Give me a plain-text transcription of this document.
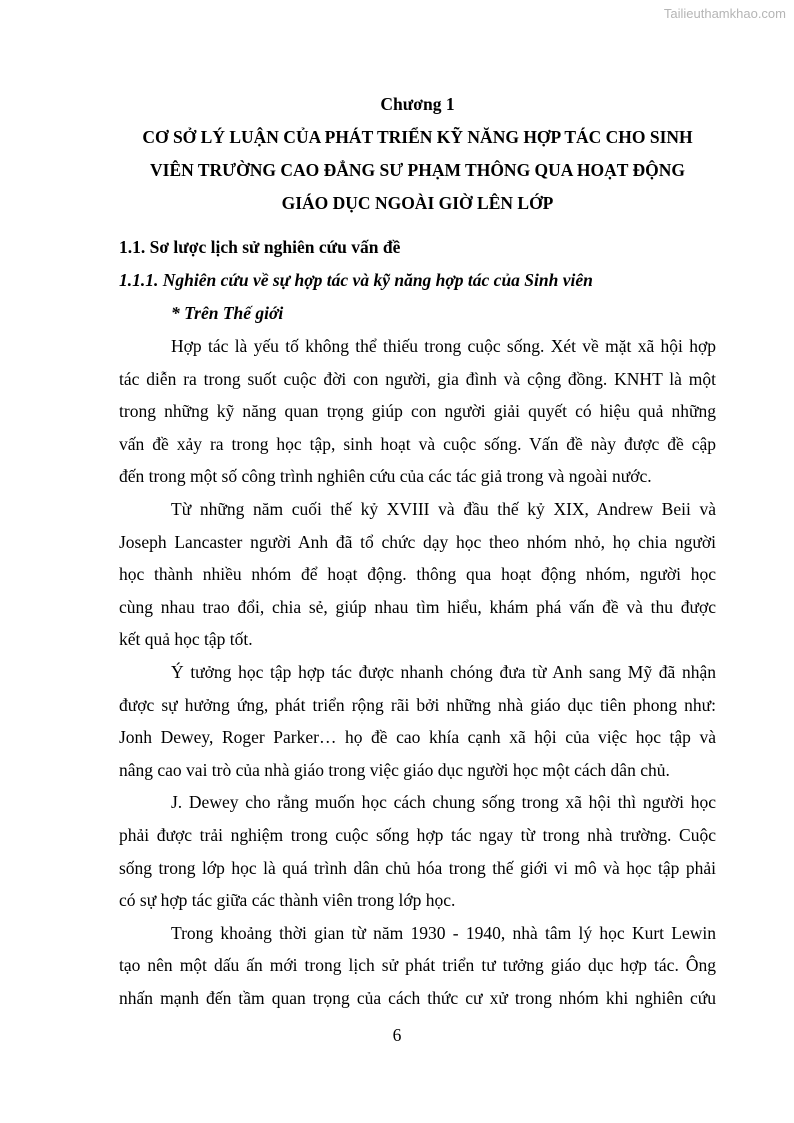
Tailieuthamkhao.com
Chương 1
CƠ SỞ LÝ LUẬN CỦA PHÁT TRIỂN KỸ NĂNG HỢP TÁC CHO SINH
VIÊN TRƯỜNG CAO ĐẲNG SƯ PHẠM THÔNG QUA HOẠT ĐỘNG
GIÁO DỤC NGOÀI GIỜ LÊN LỚP
1.1. Sơ lược lịch sử nghiên cứu vấn đề
1.1.1. Nghiên cứu về sự hợp tác và kỹ năng hợp tác của Sinh viên
* Trên Thế giới
Hợp tác là yếu tố không thể thiếu trong cuộc sống. Xét về mặt xã hội hợp
tác diễn ra trong suốt cuộc đời con người, gia đình và cộng đồng. KNHT là một
trong những kỹ năng quan trọng giúp con người giải quyết có hiệu quả những
vấn đề xảy ra trong học tập, sinh hoạt và cuộc sống. Vấn đề này được đề cập
đến trong một số công trình nghiên cứu của các tác giả trong và ngoài nước.
Từ những năm cuối thế kỷ XVIII và đầu thế kỷ XIX, Andrew Beii và
Joseph Lancaster người Anh đã tổ chức dạy học theo nhóm nhỏ, họ chia người
học thành nhiều nhóm để hoạt động. thông qua hoạt động nhóm, người học
cùng nhau trao đổi, chia sẻ, giúp nhau tìm hiểu, khám phá vấn đề và thu được
kết quả học tập tốt.
Ý tưởng học tập hợp tác được nhanh chóng đưa từ Anh sang Mỹ đã nhận
được sự hưởng ứng, phát triển rộng rãi bởi những nhà giáo dục tiên phong như:
Jonh Dewey, Roger Parker… họ đề cao khía cạnh xã hội của việc học tập và
nâng cao vai trò của nhà giáo trong việc giáo dục người học một cách dân chủ.
J. Dewey cho rằng muốn học cách chung sống trong xã hội thì người học
phải được trải nghiệm trong cuộc sống hợp tác ngay từ trong nhà trường. Cuộc
sống trong lớp học là quá trình dân chủ hóa trong thế giới vi mô và học tập phải
có sự hợp tác giữa các thành viên trong lớp học.
Trong khoảng thời gian từ năm 1930 - 1940, nhà tâm lý học Kurt Lewin
tạo nên một dấu ấn mới trong lịch sử phát triển tư tưởng giáo dục hợp tác. Ông
nhấn mạnh đến tầm quan trọng của cách thức cư xử trong nhóm khi nghiên cứu
6
